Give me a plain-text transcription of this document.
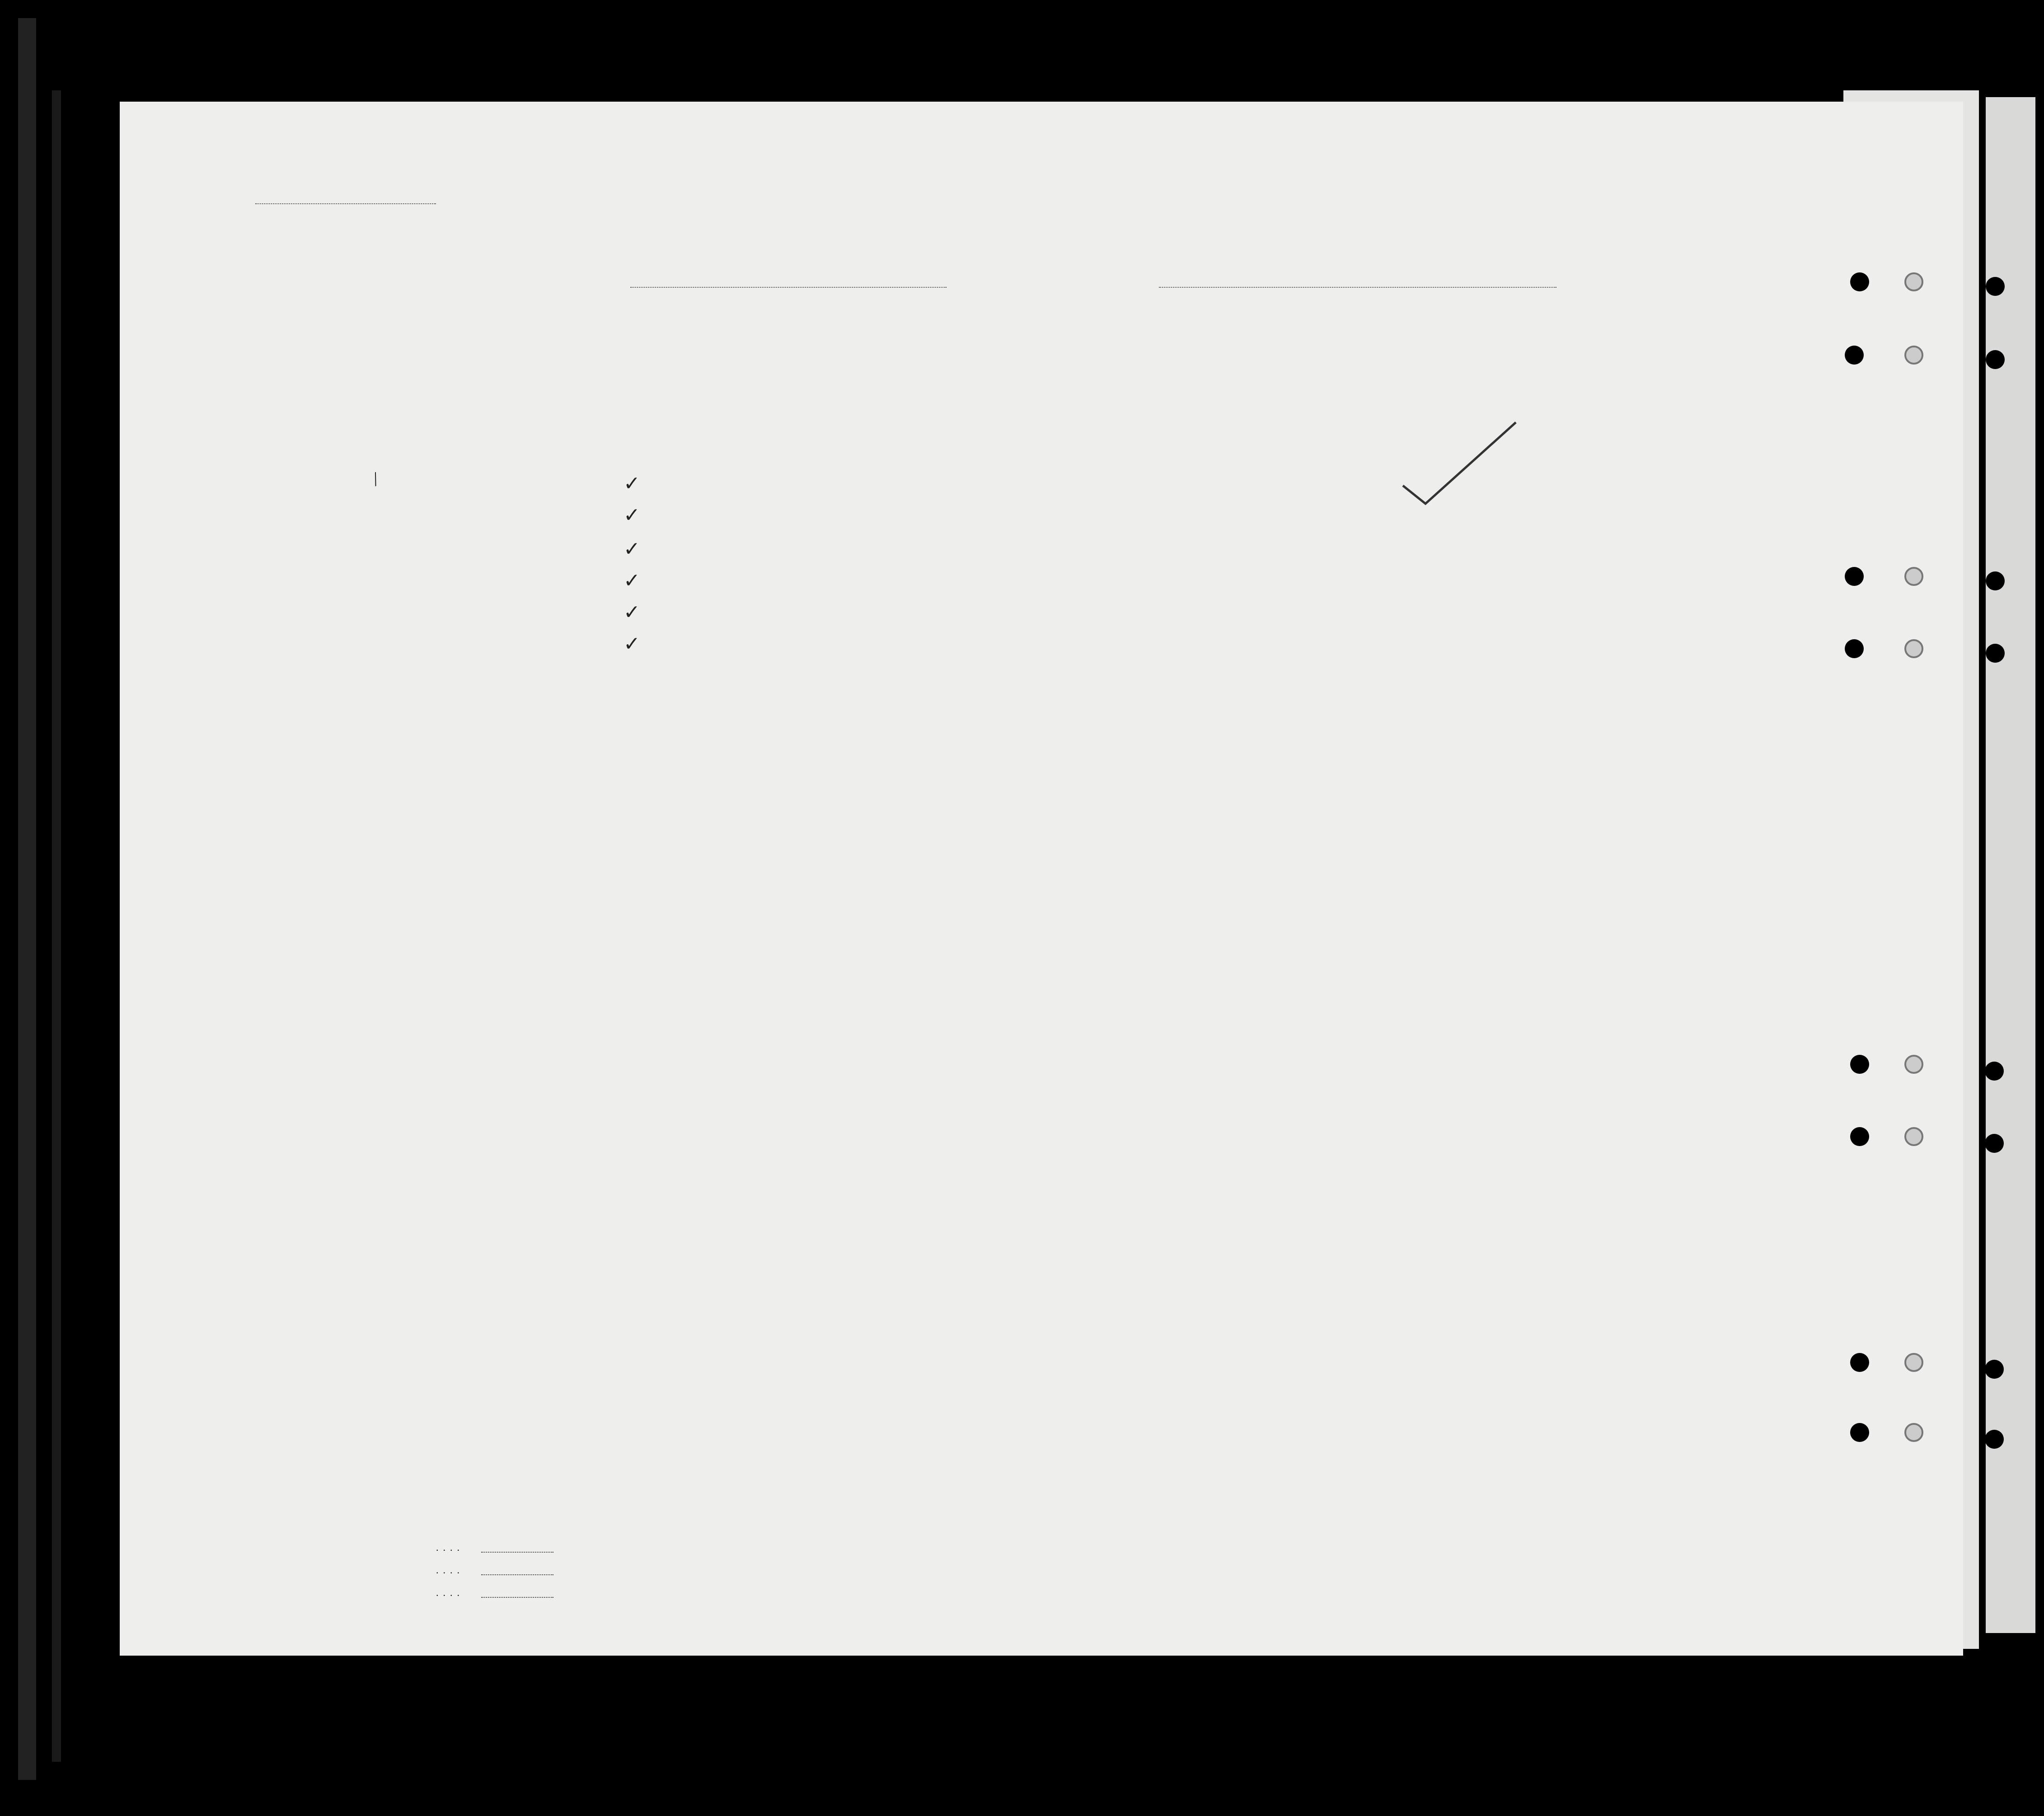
/	✓
✓
✓
✓
✓
✓
....
....
....
